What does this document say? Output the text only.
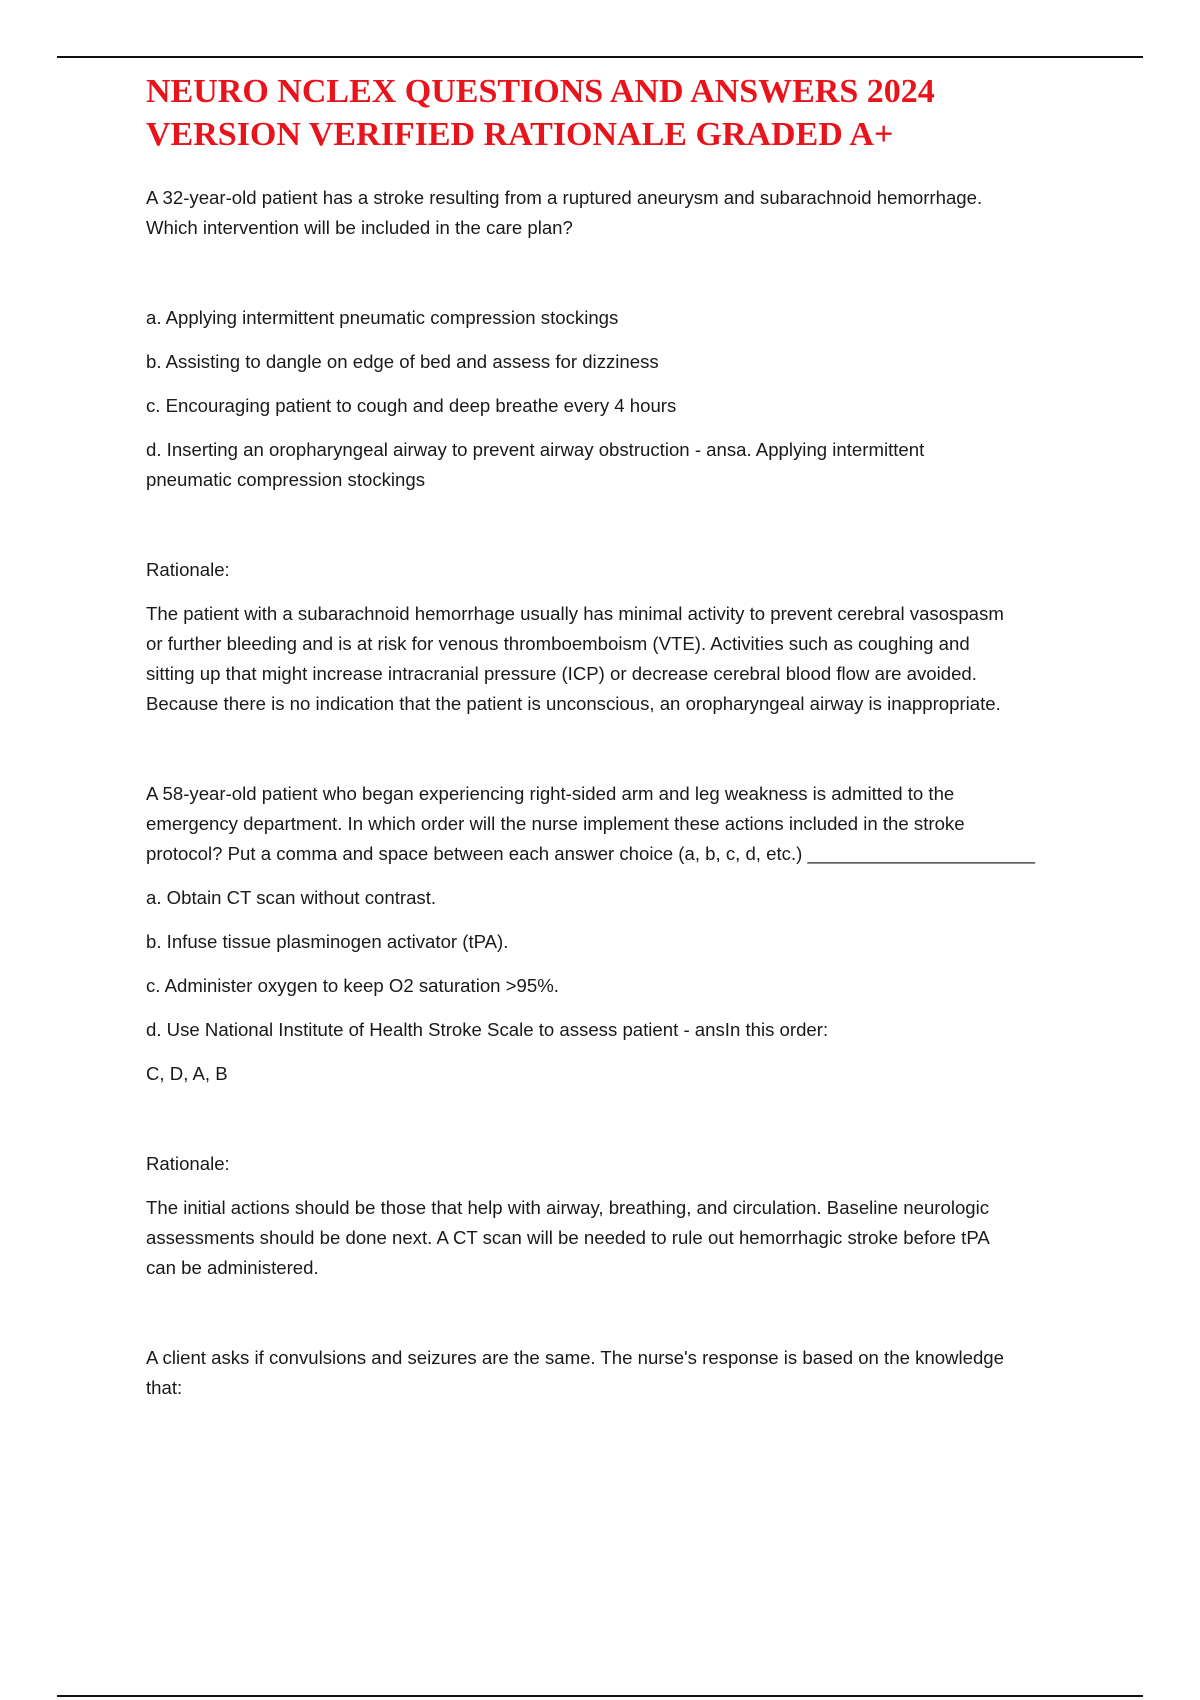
NEURO NCLEX QUESTIONS AND ANSWERS 2024
VERSION VERIFIED RATIONALE GRADED A+

A 32-year-old patient has a stroke resulting from a ruptured aneurysm and subarachnoid hemorrhage.
Which intervention will be included in the care plan?

a. Applying intermittent pneumatic compression stockings

b. Assisting to dangle on edge of bed and assess for dizziness

c. Encouraging patient to cough and deep breathe every 4 hours

d. Inserting an oropharyngeal airway to prevent airway obstruction - ansa. Applying intermittent
pneumatic compression stockings

Rationale:

The patient with a subarachnoid hemorrhage usually has minimal activity to prevent cerebral vasospasm
or further bleeding and is at risk for venous thromboemboism (VTE). Activities such as coughing and
sitting up that might increase intracranial pressure (ICP) or decrease cerebral blood flow are avoided.
Because there is no indication that the patient is unconscious, an oropharyngeal airway is inappropriate.

A 58-year-old patient who began experiencing right-sided arm and leg weakness is admitted to the
emergency department. In which order will the nurse implement these actions included in the stroke
protocol? Put a comma and space between each answer choice (a, b, c, d, etc.) ______________________

a. Obtain CT scan without contrast.

b. Infuse tissue plasminogen activator (tPA).

c. Administer oxygen to keep O2 saturation >95%.

d. Use National Institute of Health Stroke Scale to assess patient - ansIn this order:

C, D, A, B

Rationale:

The initial actions should be those that help with airway, breathing, and circulation. Baseline neurologic
assessments should be done next. A CT scan will be needed to rule out hemorrhagic stroke before tPA
can be administered.

A client asks if convulsions and seizures are the same. The nurse's response is based on the knowledge
that:
